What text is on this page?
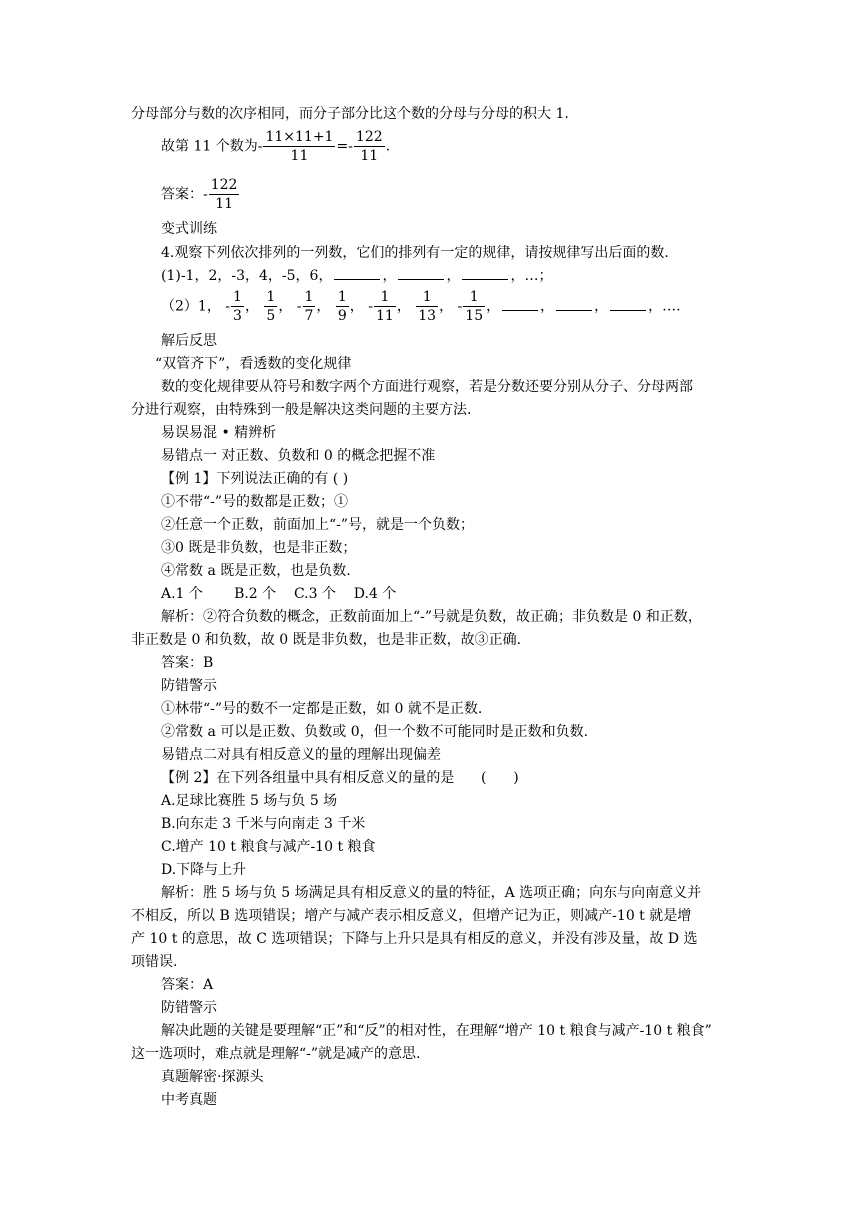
分母部分与数的次序相同，而分子部分比这个数的分母与分母的积大 1.
故第 11 个数为- $\frac{11\times 11+1}{11} =- \frac{122}{11}$ .
答案：- $\frac{122}{11}$
变式训练
4.观察下列依次排列的一列数，它们的排列有一定的规律，请按规律写出后面的数.
(1)-1，2，-3，4，-5，6，	，	，	，…；
（2）1， - $\frac{1}{3}$ ， $\frac{1}{5}$ ， - $\frac{1}{7}$ ， $\frac{1}{9}$ ， - $\frac{1}{11}$ ， $\frac{1}{13}$ ， - $\frac{1}{15}$ ，	，	，	，….
解后反思
“双管齐下”，看透数的变化规律
数的变化规律要从符号和数字两个方面进行观察，若是分数还要分别从分子、分母两部
分进行观察，由特殊到一般是解决这类问题的主要方法.
易误易混 • 精辨析
易错点一 对正数、负数和 0 的概念把握不准
【例 1】下列说法正确的有 ( )
①不带“-”号的数都是正数；①
②任意一个正数，前面加上“-”号，就是一个负数；
③0 既是非负数，也是非正数；
④常数 a 既是正数，也是负数.
A.1 个       B.2 个    C.3 个    D.4 个
解析：②符合负数的概念，正数前面加上“-”号就是负数，故正确；非负数是 0 和正数，
非正数是 0 和负数，故 0 既是非负数，也是非正数，故③正确.
答案：B
防错警示
①林带“-”号的数不一定都是正数，如 0 就不是正数.
②常数 a 可以是正数、负数或 0，但一个数不可能同时是正数和负数.
易错点二对具有相反意义的量的理解出现偏差
【例 2】在下列各组量中具有相反意义的量的是      (      )
A.足球比赛胜 5 场与负 5 场
B.向东走 3 千米与向南走 3 千米
C.增产 10 t 粮食与减产-10 t 粮食
D.下降与上升
解析：胜 5 场与负 5 场满足具有相反意义的量的特征，A 选项正确；向东与向南意义并
不相反，所以 B 选项错误；增产与减产表示相反意义，但增产记为正，则减产-10 t 就是增
产 10 t 的意思，故 C 选项错误；下降与上升只是具有相反的意义，并没有涉及量，故 D 选
项错误.
答案：A
防错警示
解决此题的关键是要理解“正”和“反”的相对性，在理解“增产 10 t 粮食与减产-10 t 粮食”
这一选项时，难点就是理解“-”就是减产的意思.
真题解密·探源头
中考真题
